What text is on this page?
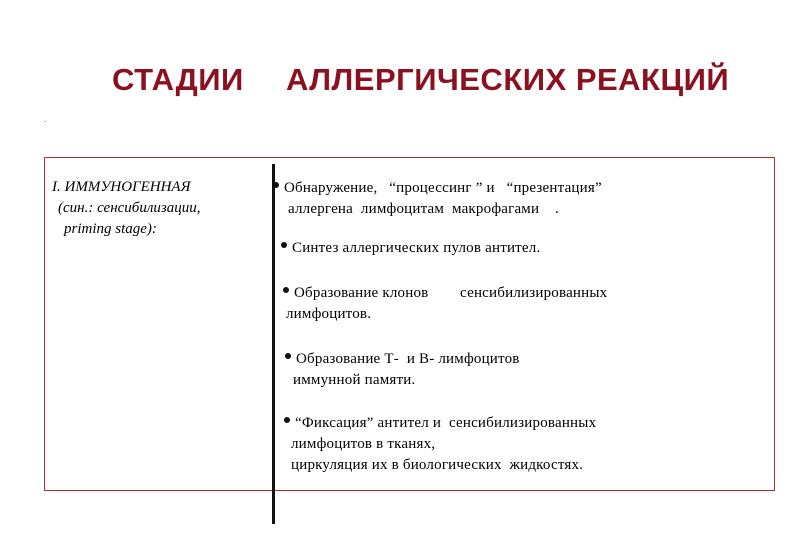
СТАДИИ АЛЛЕРГИЧЕСКИХ РЕАКЦИЙ
.
I. ИММУНОГЕННАЯ
(син.: сенсибилизации,
priming stage):
Обнаружение,   “процессинг ” и   “презентация”
аллергена  лимфоцитам  макрофагами    .
Синтез аллергических пулов антител.
Образование клонов        сенсибилизированных
лимфоцитов.
Образование Т-  и В- лимфоцитов
иммунной памяти.
“Фиксация” антител и  сенсибилизированных
лимфоцитов в тканях,
циркуляция их в биологических  жидкостях.
